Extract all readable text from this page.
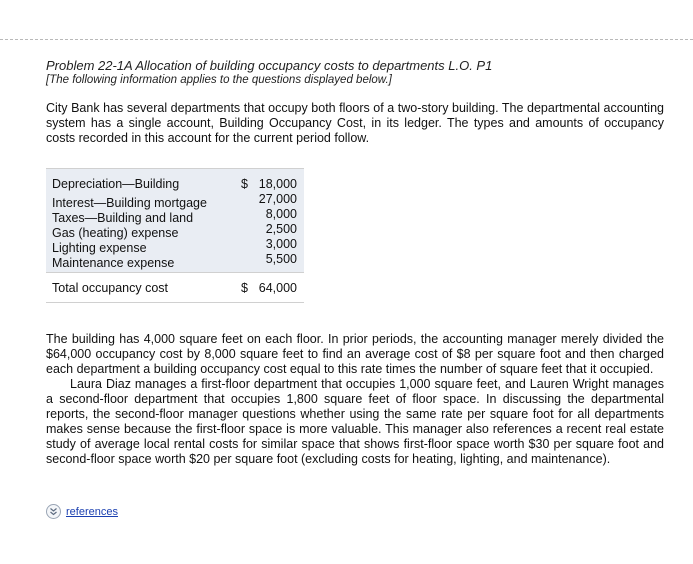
Problem 22-1A Allocation of building occupancy costs to departments L.O. P1
[The following information applies to the questions displayed below.]

City Bank has several departments that occupy both floors of a two-story building. The departmental accounting system has a single account, Building Occupancy Cost, in its ledger. The types and amounts of occupancy costs recorded in this account for the current period follow.

Depreciation—Building	$ 18,000
Interest—Building mortgage	27,000
Taxes—Building and land	8,000
Gas (heating) expense	2,500
Lighting expense	3,000
Maintenance expense	5,500
Total occupancy cost	$ 64,000

The building has 4,000 square feet on each floor. In prior periods, the accounting manager merely divided the $64,000 occupancy cost by 8,000 square feet to find an average cost of $8 per square foot and then charged each department a building occupancy cost equal to this rate times the number of square feet that it occupied.

Laura Diaz manages a first-floor department that occupies 1,000 square feet, and Lauren Wright manages a second-floor department that occupies 1,800 square feet of floor space. In discussing the departmental reports, the second-floor manager questions whether using the same rate per square foot for all departments makes sense because the first-floor space is more valuable. This manager also references a recent real estate study of average local rental costs for similar space that shows first-floor space worth $30 per square foot and second-floor space worth $20 per square foot (excluding costs for heating, lighting, and maintenance).

references
